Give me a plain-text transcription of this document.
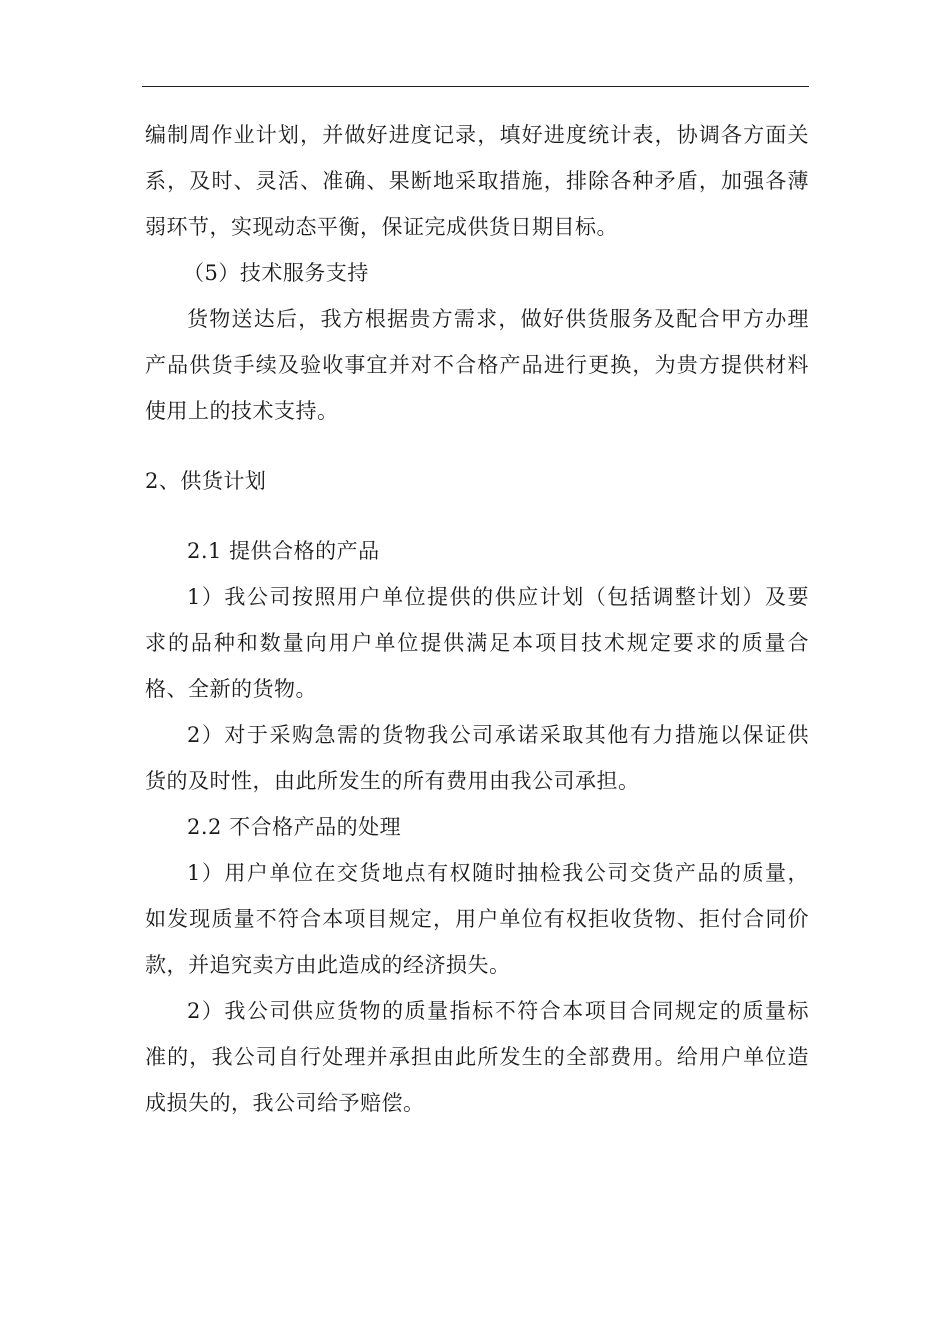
编制周作业计划，并做好进度记录，填好进度统计表，协调各方面关
系，及时、灵活、准确、果断地采取措施，排除各种矛盾，加强各薄
弱环节，实现动态平衡，保证完成供货日期目标。
（5）技术服务支持
货物送达后，我方根据贵方需求，做好供货服务及配合甲方办理
产品供货手续及验收事宜并对不合格产品进行更换，为贵方提供材料
使用上的技术支持。
2、供货计划
2.1 提供合格的产品
1）我公司按照用户单位提供的供应计划（包括调整计划）及要
求的品种和数量向用户单位提供满足本项目技术规定要求的质量合
格、全新的货物。
2）对于采购急需的货物我公司承诺采取其他有力措施以保证供
货的及时性，由此所发生的所有费用由我公司承担。
2.2 不合格产品的处理
1）用户单位在交货地点有权随时抽检我公司交货产品的质量，
如发现质量不符合本项目规定，用户单位有权拒收货物、拒付合同价
款，并追究卖方由此造成的经济损失。
2）我公司供应货物的质量指标不符合本项目合同规定的质量标
准的，我公司自行处理并承担由此所发生的全部费用。给用户单位造
成损失的，我公司给予赔偿。
